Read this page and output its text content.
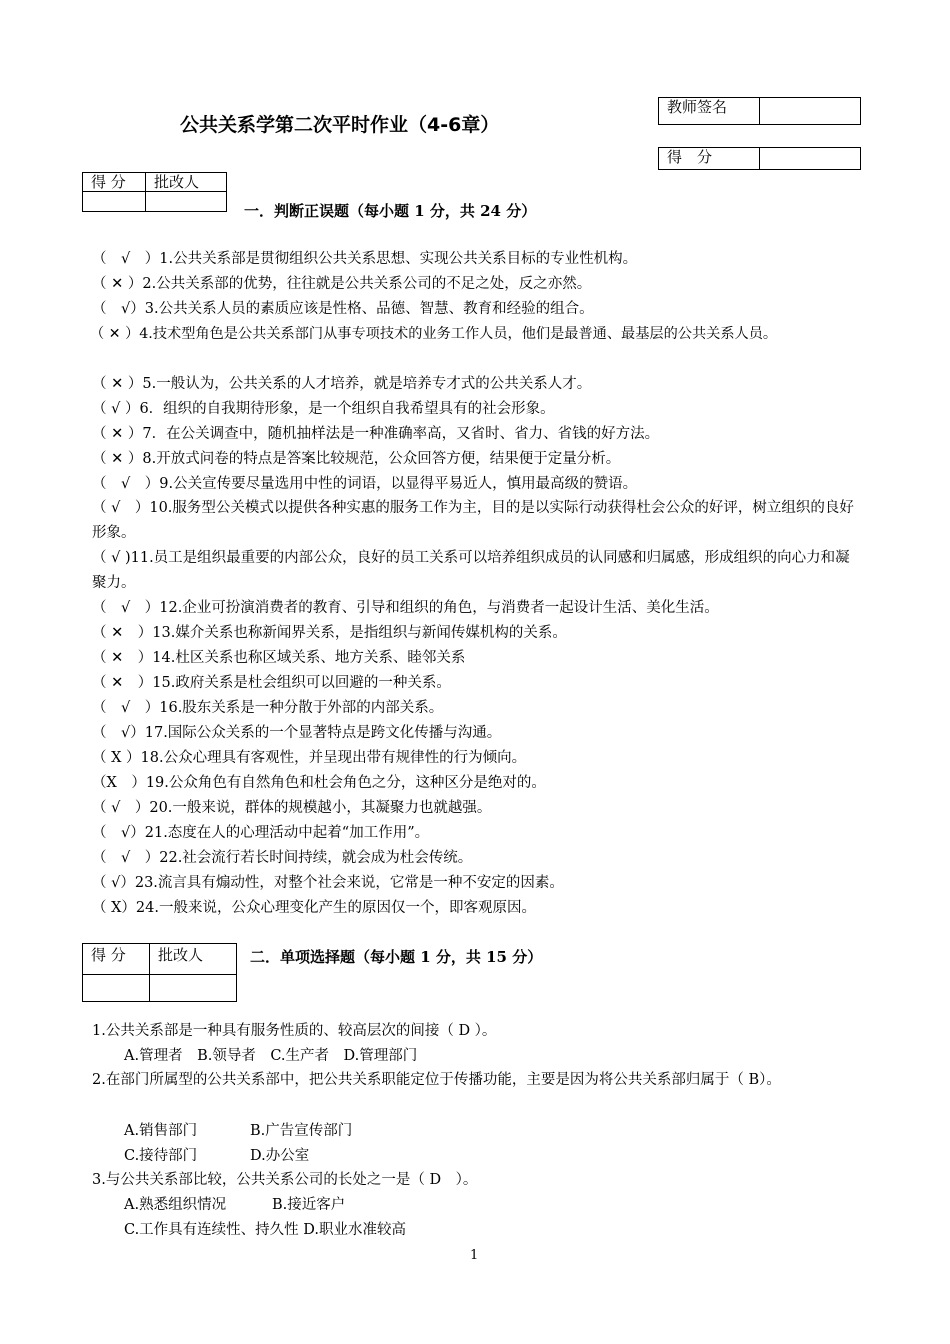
公共关系学第二次平时作业（4-6章）
教师签名	
得　分	
得 分	批改人

一．判断正误题（每小题 1 分，共 24 分）
（　√　）1.公共关系部是贯彻组织公共关系思想、实现公共关系目标的专业性机构。
（ ✕ ）2.公共关系部的优势，往往就是公共关系公司的不足之处，反之亦然。
（　√）3.公共关系人员的素质应该是性格、品德、智慧、教育和经验的组合。
（ ✕ ）4.技术型角色是公共关系部门从事专项技术的业务工作人员，他们是最普通、最基层的公共关系人员。
（ ✕ ）5.一般认为，公共关系的人才培养，就是培养专才式的公共关系人才。
（ √ ）6．组织的自我期待形象，是一个组织自我希望具有的社会形象。
（ ✕ ）7．在公关调查中，随机抽样法是一种准确率高，又省时、省力、省钱的好方法。
（ ✕ ）8.开放式问卷的特点是答案比较规范，公众回答方便，结果便于定量分析。
（　√　）9.公关宣传要尽量选用中性的词语，以显得平易近人，慎用最高级的赞语。
（ √　）10.服务型公关模式以提供各种实惠的服务工作为主，目的是以实际行动获得杜会公众的好评，树立组织的良好形象。
（ √ )11.员工是组织最重要的内部公众，良好的员工关系可以培养组织成员的认同感和归属感，形成组织的向心力和凝聚力。
（　√　）12.企业可扮演消费者的教育、引导和组织的角色，与消费者一起设计生活、美化生活。
（ ✕　）13.媒介关系也称新闻界关系，是指组织与新闻传媒机构的关系。
（ ✕　）14.杜区关系也称区域关系、地方关系、睦邻关系
（ ✕　）15.政府关系是杜会组织可以回避的一种关系。
（　√　）16.股东关系是一种分散于外部的内部关系。
（　√）17.国际公众关系的一个显著特点是跨文化传播与沟通。
（ X ）18.公众心理具有客观性，并呈现出带有规律性的行为倾向。
（X　）19.公众角色有自然角色和杜会角色之分，这种区分是绝对的。
（ √　）20.一般来说，群体的规模越小，其凝聚力也就越强。
（　√）21.态度在人的心理活动中起着“加工作用”。
（　√　）22.社会流行若长时间持续，就会成为杜会传统。
（ √）23.流言具有煽动性，对整个社会来说，它常是一种不安定的因素。
（ X）24.一般来说，公众心理变化产生的原因仅一个，即客观原因。
得 分	批改人
		二．单项选择题（每小题 1 分，共 15 分）
1.公共关系部是一种具有服务性质的、较高层次的间接（ D ）。
A.管理者　B.领导者　C.生产者　D.管理部门
2.在部门所属型的公共关系部中，把公共关系职能定位于传播功能，主要是因为将公共关系部归属于（ B）。
A.销售部门	B.广告宣传部门
C.接待部门	D.办公室
3.与公共关系部比较，公共关系公司的长处之一是（ D　）。
A.熟悉组织情况	B.接近客户
C.工作具有连续性、持久性 D.职业水准较高
1
